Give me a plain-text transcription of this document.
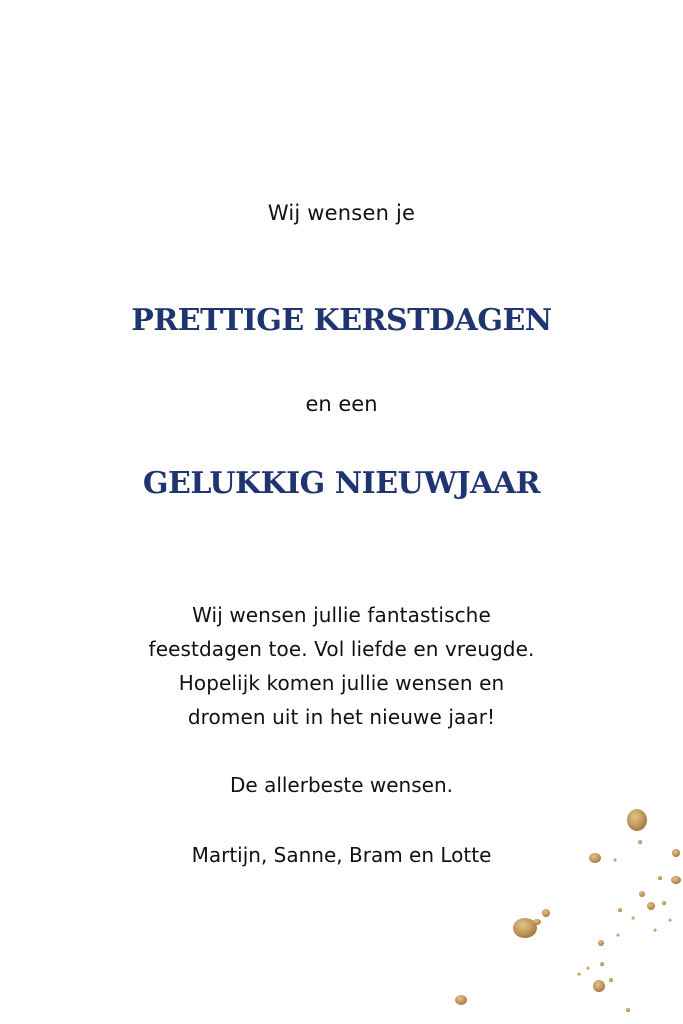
Wij wensen je
PRETTIGE KERSTDAGEN
en een
GELUKKIG NIEUWJAAR
Wij wensen jullie fantastische
feestdagen toe. Vol liefde en vreugde.
Hopelijk komen jullie wensen en
dromen uit in het nieuwe jaar!
De allerbeste wensen.
Martijn, Sanne, Bram en Lotte
